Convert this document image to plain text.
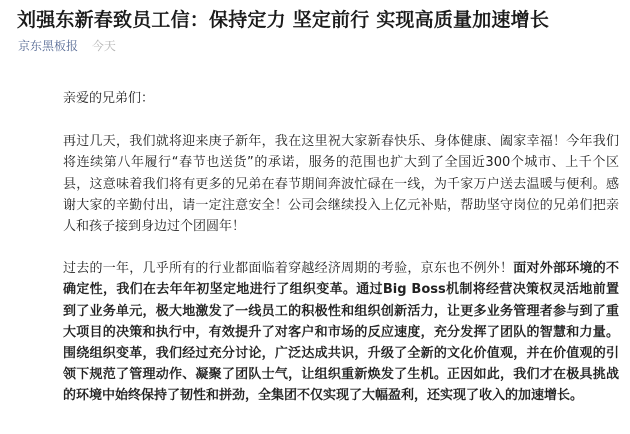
刘强东新春致员工信：保持定力 坚定前行 实现高质量加速增长
京东黑板报 今天

亲爱的兄弟们：

再过几天，我们就将迎来庚子新年，我在这里祝大家新春快乐、身体健康、阖家幸福！今年我们将连续第八年履行“春节也送货”的承诺，服务的范围也扩大到了全国近300个城市、上千个区县，这意味着我们将有更多的兄弟在春节期间奔波忙碌在一线，为千家万户送去温暖与便利。感谢大家的辛勤付出，请一定注意安全！公司会继续投入上亿元补贴，帮助坚守岗位的兄弟们把亲人和孩子接到身边过个团圆年！

过去的一年，几乎所有的行业都面临着穿越经济周期的考验，京东也不例外！面对外部环境的不确定性，我们在去年年初坚定地进行了组织变革。通过Big Boss机制将经营决策权灵活地前置到了业务单元，极大地激发了一线员工的积极性和组织创新活力，让更多业务管理者参与到了重大项目的决策和执行中，有效提升了对客户和市场的反应速度，充分发挥了团队的智慧和力量。围绕组织变革，我们经过充分讨论，广泛达成共识，升级了全新的文化价值观，并在价值观的引领下规范了管理动作、凝聚了团队士气，让组织重新焕发了生机。正因如此，我们才在极具挑战的环境中始终保持了韧性和拼劲，全集团不仅实现了大幅盈利，还实现了收入的加速增长。
